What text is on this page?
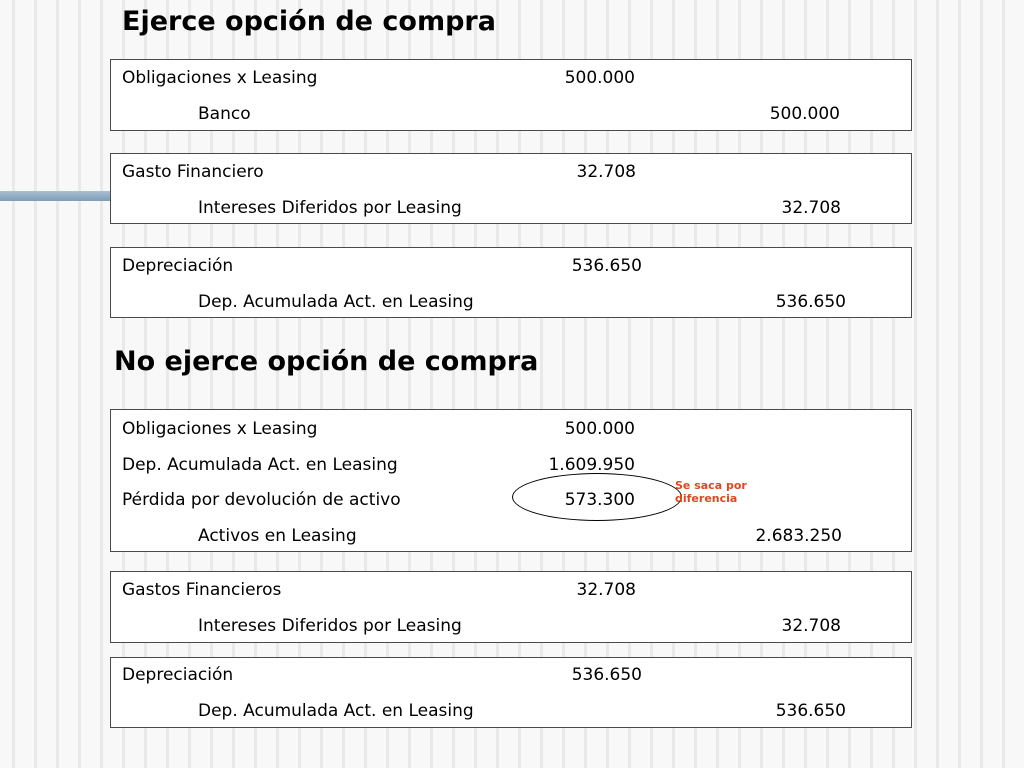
Ejerce opción de compra
Obligaciones x Leasing	500.000
Banco	500.000
Gasto Financiero	32.708
Intereses Diferidos por Leasing	32.708
Depreciación	536.650
Dep. Acumulada Act. en Leasing	536.650
No ejerce opción de compra
Obligaciones x Leasing	500.000
Dep. Acumulada Act. en Leasing	1.609.950
Pérdida por devolución de activo	573.300
Activos en Leasing	2.683.250
Se saca por diferencia
Gastos Financieros	32.708
Intereses Diferidos por Leasing	32.708
Depreciación	536.650
Dep. Acumulada Act. en Leasing	536.650
